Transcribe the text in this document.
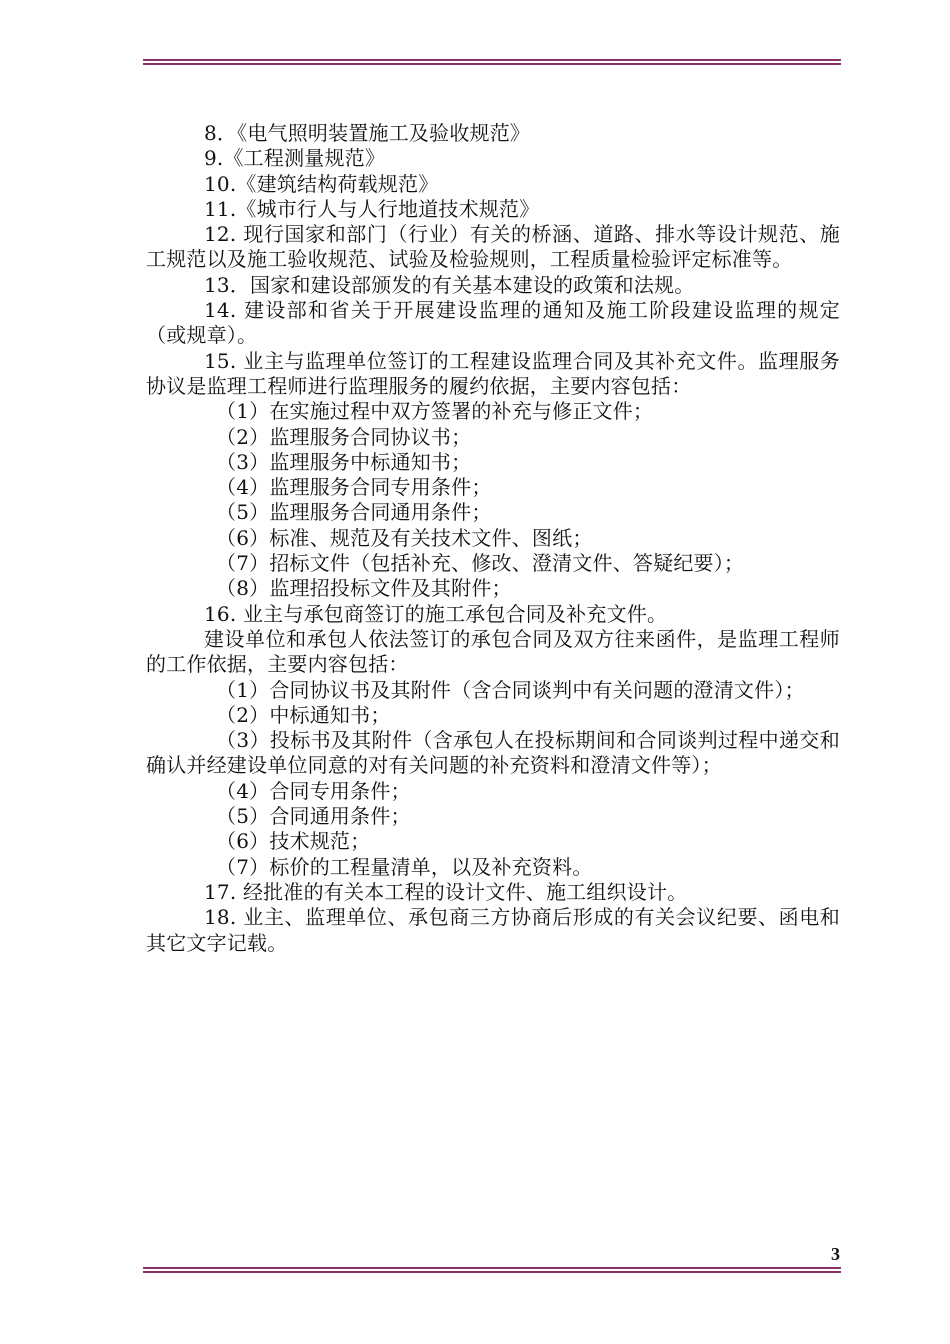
8．《电气照明装置施工及验收规范》

9.《工程测量规范》

10.《建筑结构荷载规范》

11.《城市行人与人行地道技术规范》

12. 现行国家和部门（行业）有关的桥涵、道路、排水等设计规范、施工规范以及施工验收规范、试验及检验规则，工程质量检验评定标准等。

13．国家和建设部颁发的有关基本建设的政策和法规。

14. 建设部和省关于开展建设监理的通知及施工阶段建设监理的规定（或规章）。

15. 业主与监理单位签订的工程建设监理合同及其补充文件。监理服务协议是监理工程师进行监理服务的履约依据，主要内容包括：

（1）在实施过程中双方签署的补充与修正文件；

（2）监理服务合同协议书；

（3）监理服务中标通知书；

（4）监理服务合同专用条件；

（5）监理服务合同通用条件；

（6）标准、规范及有关技术文件、图纸；

（7）招标文件（包括补充、修改、澄清文件、答疑纪要）；

（8）监理招投标文件及其附件；

16. 业主与承包商签订的施工承包合同及补充文件。

建设单位和承包人依法签订的承包合同及双方往来函件，是监理工程师的工作依据，主要内容包括：

（1）合同协议书及其附件（含合同谈判中有关问题的澄清文件）；

（2）中标通知书；

（3）投标书及其附件（含承包人在投标期间和合同谈判过程中递交和确认并经建设单位同意的对有关问题的补充资料和澄清文件等）；

（4）合同专用条件；

（5）合同通用条件；

（6）技术规范；

（7）标价的工程量清单，以及补充资料。

17. 经批准的有关本工程的设计文件、施工组织设计。

18. 业主、监理单位、承包商三方协商后形成的有关会议纪要、函电和其它文字记载。

3
